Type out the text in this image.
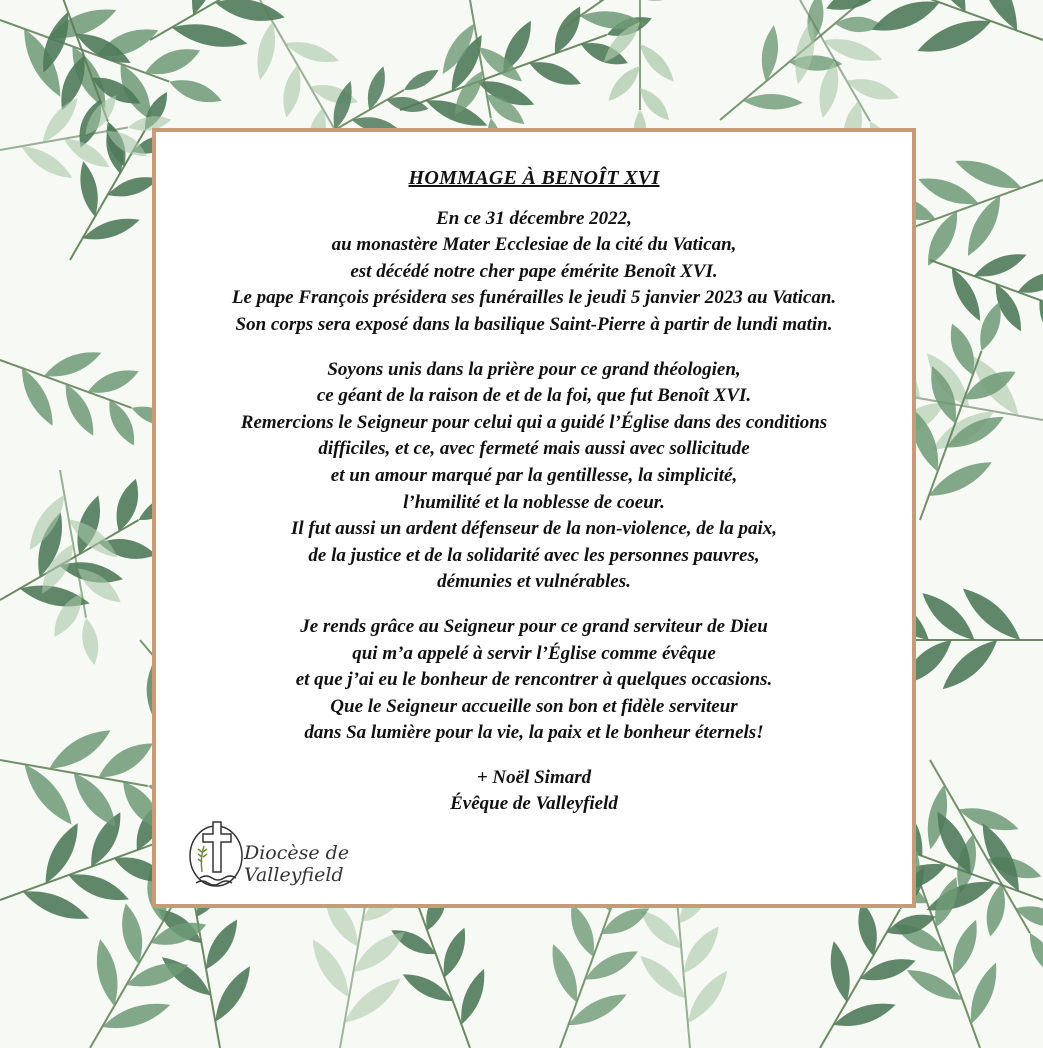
HOMMAGE À BENOÎT XVI
En ce 31 décembre 2022,
au monastère Mater Ecclesiae de la cité du Vatican,
est décédé notre cher pape émérite Benoît XVI.
Le pape François présidera ses funérailles le jeudi 5 janvier 2023 au Vatican.
Son corps sera exposé dans la basilique Saint-Pierre à partir de lundi matin.
Soyons unis dans la prière pour ce grand théologien,
ce géant de la raison de et de la foi, que fut Benoît XVI.
Remercions le Seigneur pour celui qui a guidé l’Église dans des conditions
difficiles, et ce, avec fermeté mais aussi avec sollicitude
et un amour marqué par la gentillesse, la simplicité,
l’humilité et la noblesse de coeur.
Il fut aussi un ardent défenseur de la non-violence, de la paix,
de la justice et de la solidarité avec les personnes pauvres,
démunies et vulnérables.
Je rends grâce au Seigneur pour ce grand serviteur de Dieu
qui m’a appelé à servir l’Église comme évêque
et que j’ai eu le bonheur de rencontrer à quelques occasions.
Que le Seigneur accueille son bon et fidèle serviteur
dans Sa lumière pour la vie, la paix et le bonheur éternels!
+ Noël Simard
Évêque de Valleyfield
Diocèse de
Valleyfield
